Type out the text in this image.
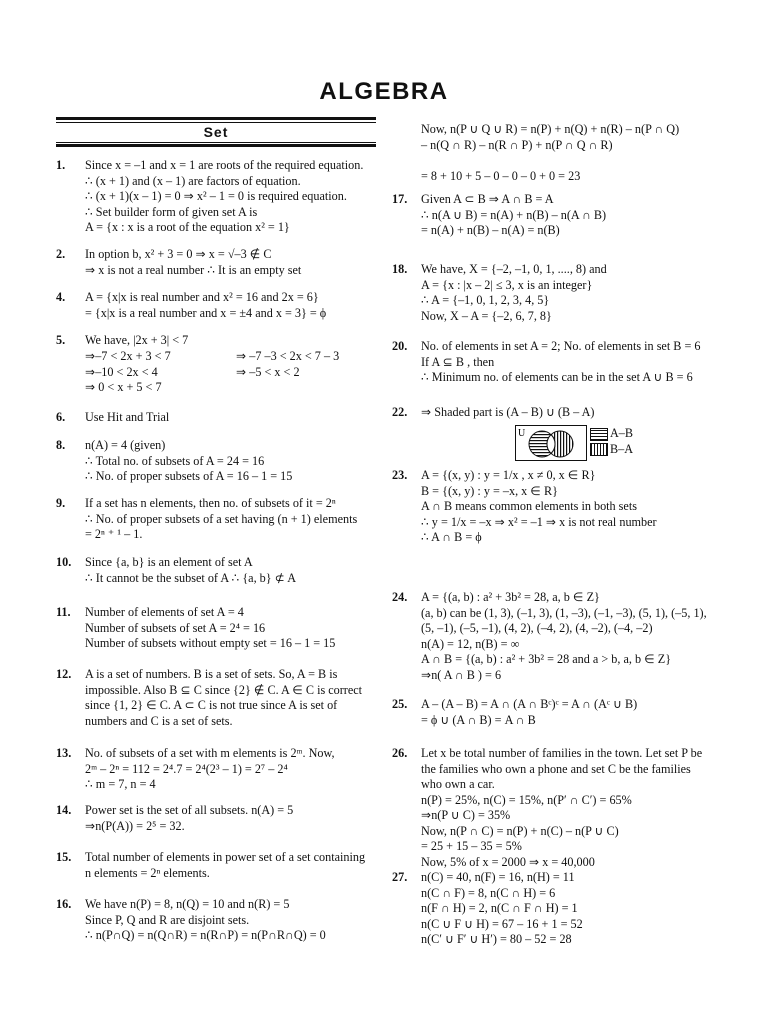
ALGEBRA
Set
1.	Since x = –1 and x = 1 are roots of the required equation.
∴ (x + 1) and (x – 1) are factors of equation.
∴ (x + 1)(x – 1) = 0 ⇒ x² – 1 = 0 is required equation.
∴ Set builder form of given set A is
A = {x : x is a root of the equation x² = 1}
2.	In option b, x² + 3 = 0 ⇒ x = √–3 ∉ C
⇒ x is not a real number ∴ It is an empty set
4.	A = {x|x is real number and x² = 16 and 2x = 6}
= {x|x is a real number and x = ±4 and x = 3} = ϕ
5.	We have, |2x + 3| < 7
6.	Use Hit and Trial
8.	n(A) = 4 (given)
∴ Total no. of subsets of A = 24 = 16
∴ No. of proper subsets of A = 16 – 1 = 15
9.	If a set has n elements, then no. of subsets of it = 2ⁿ
∴ No. of proper subsets of a set having (n + 1) elements
= 2ⁿ ⁺ ¹ – 1.
10.	Since {a, b} is an element of set A
∴ It cannot be the subset of A ∴ {a, b} ⊄ A
11.	Number of elements of set A = 4
Number of subsets of set A = 2⁴ = 16
Number of subsets without empty set = 16 – 1 = 15
12.	A is a set of numbers. B is a set of sets. So, A = B is
impossible. Also B ⊆ C since {2} ∉ C. A ∈ C is correct
since {1, 2} ∈ C. A ⊂ C is not true since A is set of
numbers and C is a set of sets.
13.	No. of subsets of a set with m elements is 2ᵐ. Now,
2ᵐ – 2ⁿ = 112 = 2⁴.7 = 2⁴(2³ – 1) = 2⁷ – 2⁴
∴ m = 7, n = 4
14.	Power set is the set of all subsets. n(A) = 5
⇒n(P(A)) = 2⁵ = 32.
15.	Total number of elements in power set of a set containing
n elements = 2ⁿ elements.
16.	We have n(P) = 8, n(Q) = 10 and n(R) = 5
Since P, Q and R are disjoint sets.
∴ n(P∩Q) = n(Q∩R) = n(R∩P) = n(P∩R∩Q) = 0
⇒–7 < 2x + 3 < 7	⇒ –7 –3 < 2x < 7 – 3
⇒–10 < 2x < 4	⇒ –5 < x < 2
⇒ 0 < x + 5 < 7
Now, n(P ∪ Q ∪ R) = n(P) + n(Q) + n(R) – n(P ∩ Q)
– n(Q ∩ R) – n(R ∩ P) + n(P ∩ Q ∩ R)

= 8 + 10 + 5 – 0 – 0 – 0 + 0 = 23
17.	Given A ⊂ B ⇒ A ∩ B = A
∴ n(A ∪ B) = n(A) + n(B) – n(A ∩ B)
= n(A) + n(B) – n(A) = n(B)
18.	We have, X = {–2, –1, 0, 1, ...., 8) and
A = {x : |x – 2| ≤ 3, x is an integer}
∴ A = {–1, 0, 1, 2, 3, 4, 5}
Now, X – A = {–2, 6, 7, 8}
20.	No. of elements in set A = 2; No. of elements in set B = 6
If A ⊆ B , then
∴ Minimum no. of elements can be in the set A ∪ B = 6
22.	⇒ Shaded part is (A – B) ∪ (B – A)
23.	A = {(x, y) : y = 1/x , x ≠ 0, x ∈ R}
B = {(x, y) : y = –x, x ∈ R}
A ∩ B means common elements in both sets
∴ y = 1/x = –x ⇒ x² = –1 ⇒ x is not real number
∴ A ∩ B = ϕ
24.	A = {(a, b) : a² + 3b² = 28, a, b ∈ Z}
(a, b) can be (1, 3), (–1, 3), (1, –3), (–1, –3), (5, 1), (–5, 1),
(5, –1), (–5, –1), (4, 2), (–4, 2), (4, –2), (–4, –2)
n(A) = 12, n(B) = ∞
A ∩ B = {(a, b) : a² + 3b² = 28 and a > b, a, b ∈ Z}
⇒n( A ∩ B ) = 6
25.	A – (A – B) = A ∩ (A ∩ Bᶜ)ᶜ = A ∩ (Aᶜ ∪ B)
= ϕ ∪ (A ∩ B) = A ∩ B
26.	Let x be total number of families in the town. Let set P be
the families who own a phone and set C be the families
who own a car.
n(P) = 25%, n(C) = 15%, n(P′ ∩ C′) = 65%
⇒n(P ∪ C) = 35%
Now, n(P ∩ C) = n(P) + n(C) – n(P ∪ C)
= 25 + 15 – 35 = 5%
Now, 5% of x = 2000 ⇒ x = 40,000
27.	n(C) = 40, n(F) = 16, n(H) = 11
n(C ∩ F) = 8, n(C ∩ H) = 6
n(F ∩ H) = 2, n(C ∩ F ∩ H) = 1
n(C ∪ F ∪ H) = 67 – 16 + 1 = 52
n(C′ ∪ F′ ∪ H′) = 80 – 52 = 28
U	A–B
B–A
